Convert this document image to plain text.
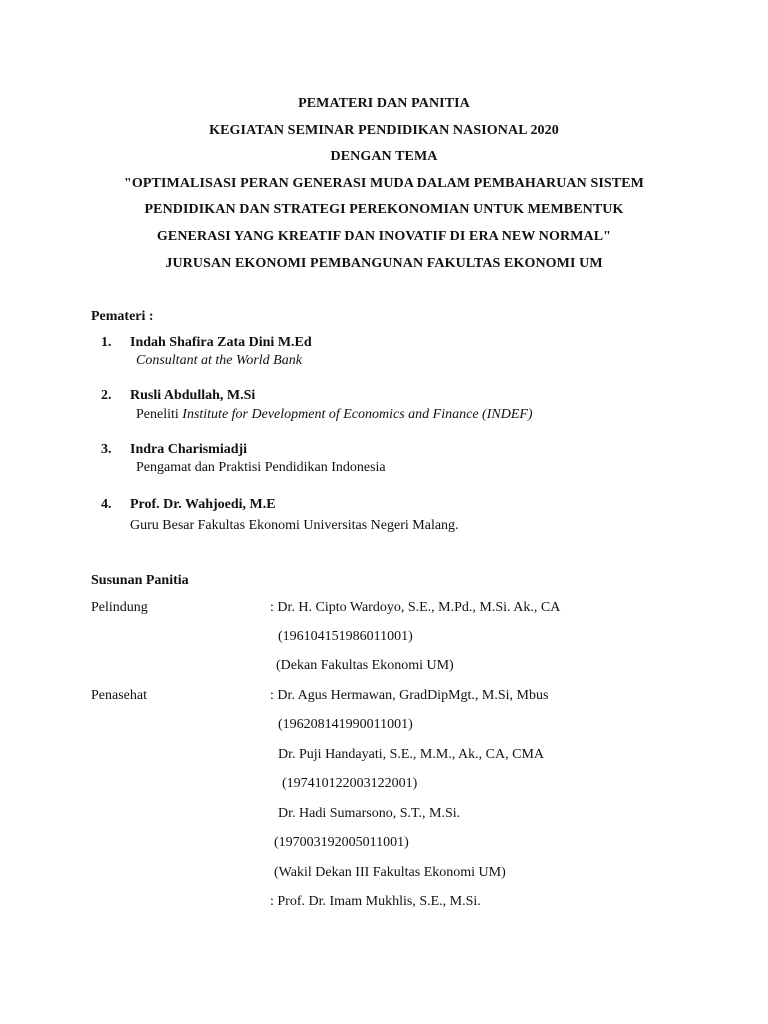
PEMATERI DAN PANITIA
KEGIATAN SEMINAR PENDIDIKAN NASIONAL 2020
DENGAN TEMA
"OPTIMALISASI PERAN GENERASI MUDA DALAM PEMBAHARUAN SISTEM
PENDIDIKAN DAN STRATEGI PEREKONOMIAN UNTUK MEMBENTUK
GENERASI YANG KREATIF DAN INOVATIF DI ERA NEW NORMAL"
JURUSAN EKONOMI PEMBANGUNAN FAKULTAS EKONOMI UM
Pemateri :
1. Indah Shafira Zata Dini M.Ed
Consultant at the World Bank
2. Rusli Abdullah, M.Si
Peneliti Institute for Development of Economics and Finance (INDEF)
3. Indra Charismiadji
Pengamat dan Praktisi Pendidikan Indonesia
4. Prof. Dr. Wahjoedi, M.E
Guru Besar Fakultas Ekonomi Universitas Negeri Malang.
Susunan Panitia
Pelindung	: Dr. H. Cipto Wardoyo, S.E., M.Pd., M.Si. Ak., CA
(196104151986011001)
(Dekan Fakultas Ekonomi UM)
Penasehat	: Dr. Agus Hermawan, GradDipMgt., M.Si, Mbus
(196208141990011001)
Dr. Puji Handayati, S.E., M.M., Ak., CA, CMA
(197410122003122001)
Dr. Hadi Sumarsono, S.T., M.Si.
(197003192005011001)
(Wakil Dekan III Fakultas Ekonomi UM)
: Prof. Dr. Imam Mukhlis, S.E., M.Si.
